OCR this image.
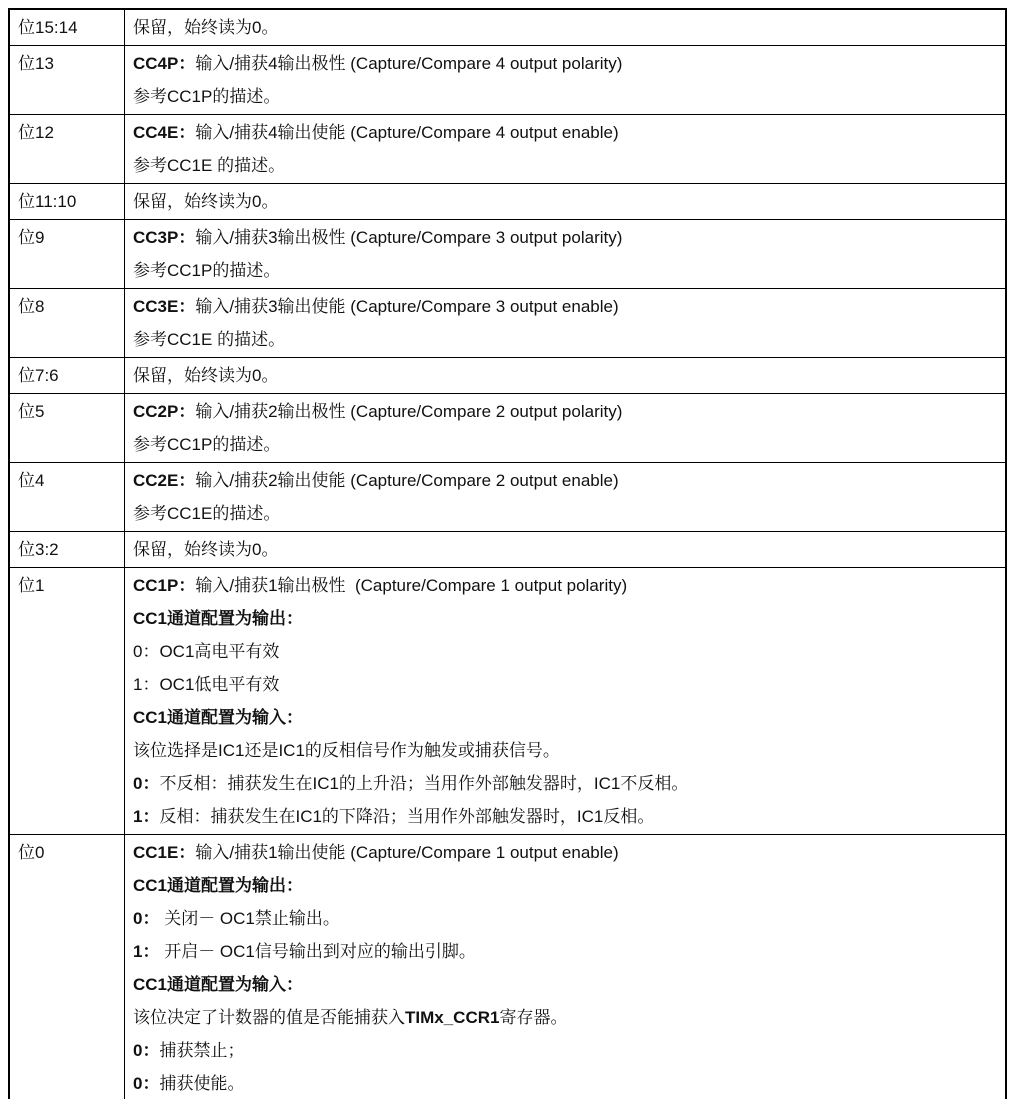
位15:14	保留，始终读为0。

位13	CC4P：输入/捕获4输出极性 (Capture/Compare 4 output polarity)
参考CC1P的描述。

位12	CC4E：输入/捕获4输出使能 (Capture/Compare 4 output enable)
参考CC1E 的描述。

位11:10	保留，始终读为0。

位9	CC3P：输入/捕获3输出极性 (Capture/Compare 3 output polarity)
参考CC1P的描述。

位8	CC3E：输入/捕获3输出使能 (Capture/Compare 3 output enable)
参考CC1E 的描述。

位7:6	保留，始终读为0。

位5	CC2P：输入/捕获2输出极性 (Capture/Compare 2 output polarity)
参考CC1P的描述。

位4	CC2E：输入/捕获2输出使能 (Capture/Compare 2 output enable)
参考CC1E的描述。

位3:2	保留，始终读为0。

位1	CC1P：输入/捕获1输出极性  (Capture/Compare 1 output polarity)
CC1通道配置为输出：
0：OC1高电平有效
1：OC1低电平有效
CC1通道配置为输入：
该位选择是IC1还是IC1的反相信号作为触发或捕获信号。
0：不反相：捕获发生在IC1的上升沿；当用作外部触发器时，IC1不反相。
1：反相：捕获发生在IC1的下降沿；当用作外部触发器时，IC1反相。

位0	CC1E：输入/捕获1输出使能 (Capture/Compare 1 output enable)
CC1通道配置为输出：
0： 关闭－ OC1禁止输出。
1： 开启－ OC1信号输出到对应的输出引脚。
CC1通道配置为输入：
该位决定了计数器的值是否能捕获入TIMx_CCR1寄存器。
0：捕获禁止；
0：捕获使能。
